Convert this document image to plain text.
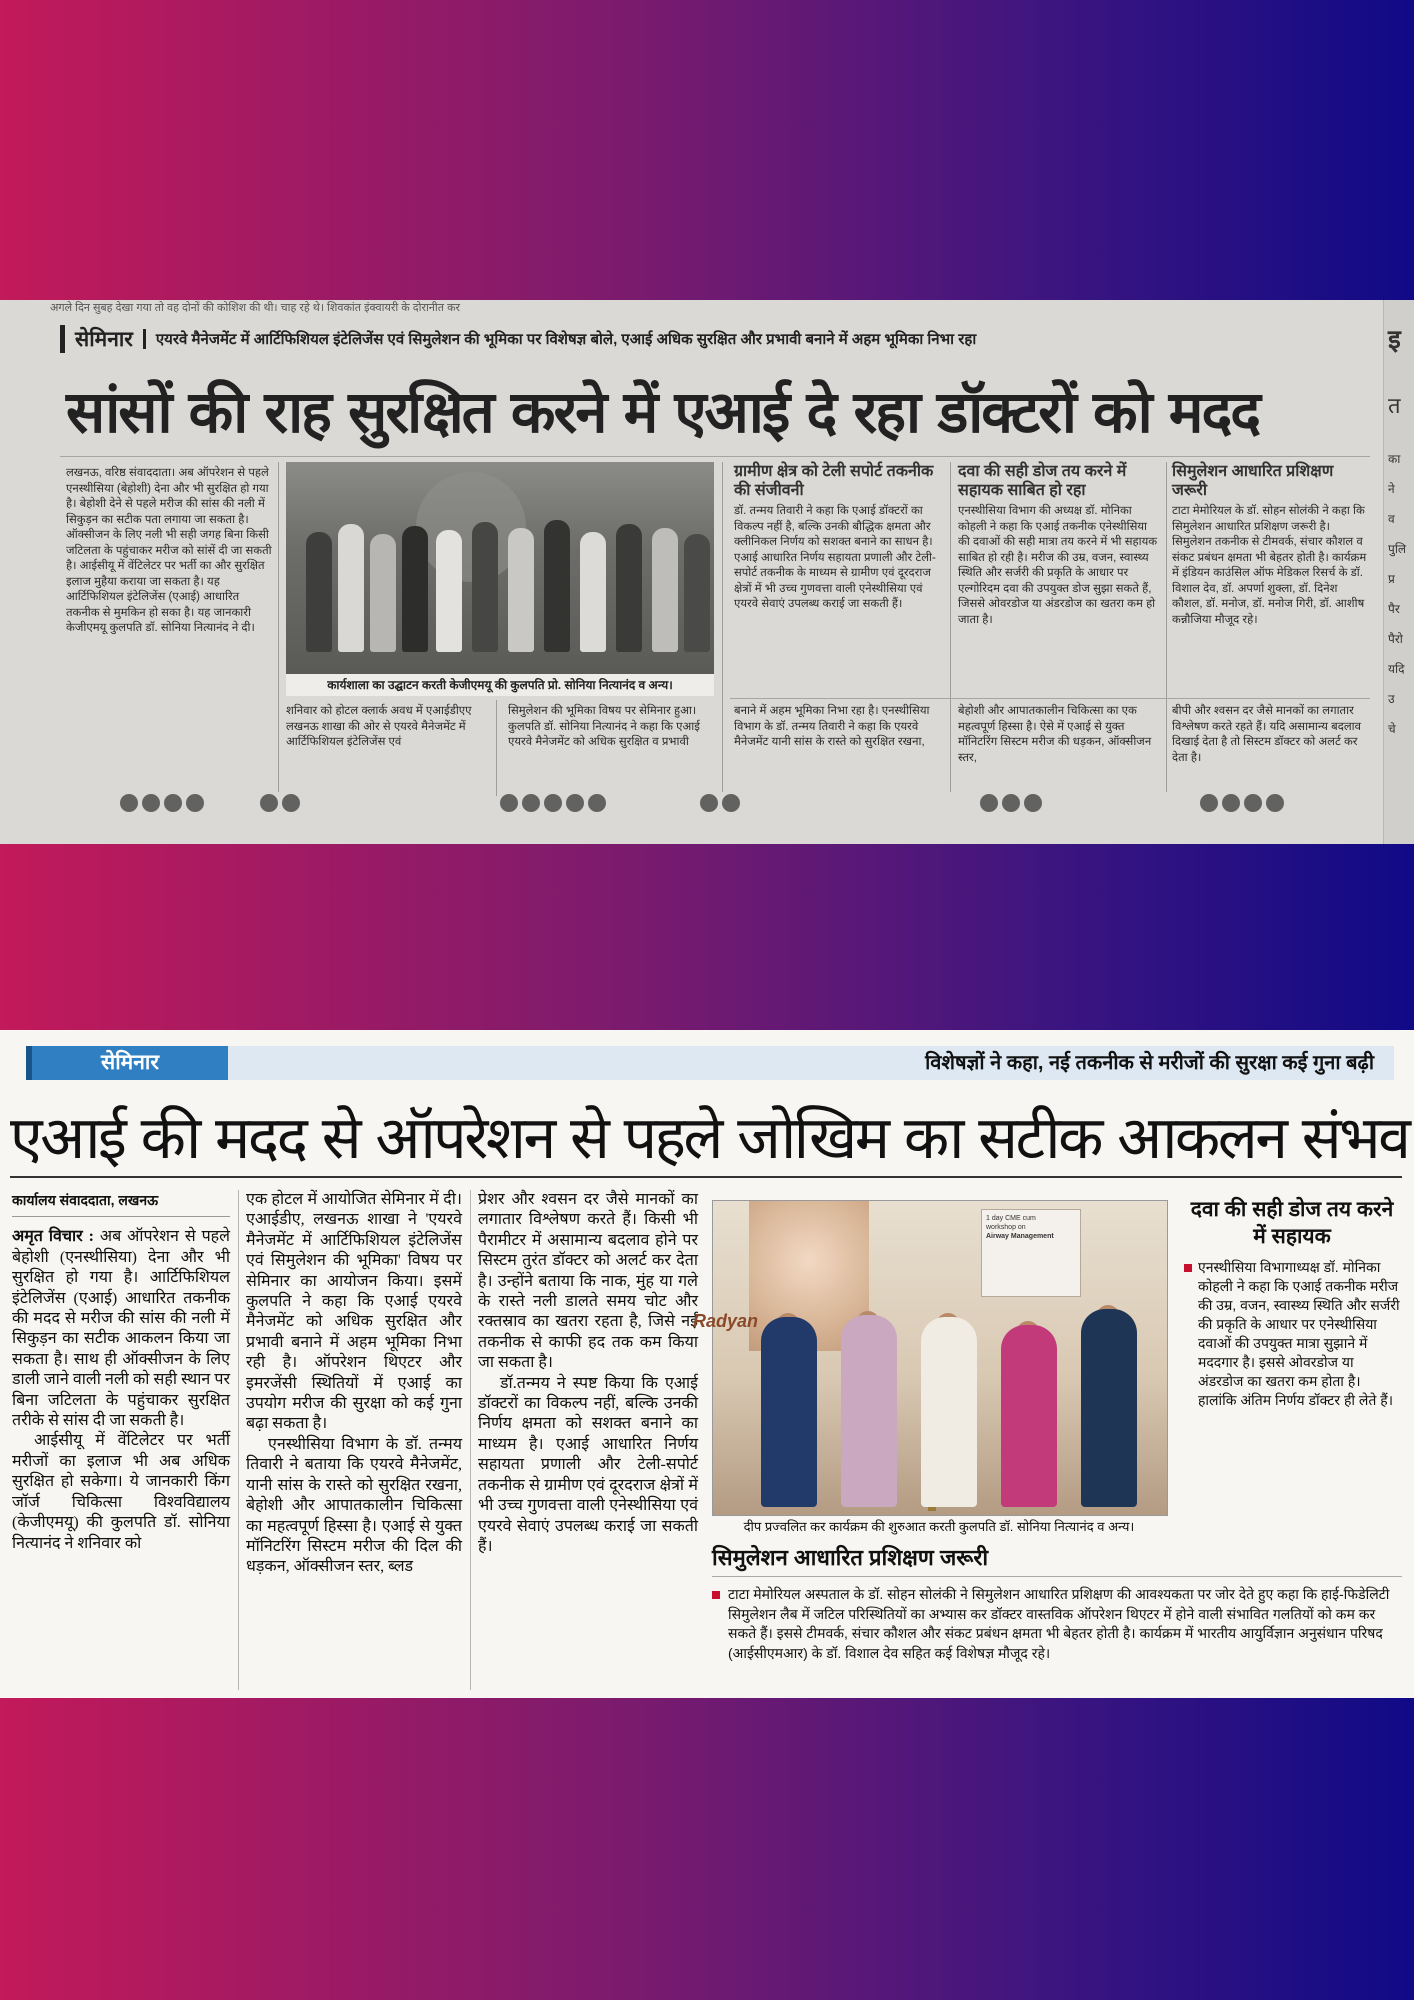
अगले दिन सुबह देखा गया तो वह दोनों की कोशिश की थी। चाह रहे थे। शिवकांत इंक्वायरी के दोरानीत कर
सेमिनार	एयरवे मैनेजमेंट में आर्टिफिशियल इंटेलिजेंस एवं सिमुलेशन की भूमिका पर विशेषज्ञ बोले, एआई अधिक सुरक्षित और प्रभावी बनाने में अहम भूमिका निभा रहा
सांसों की राह सुरक्षित करने में एआई दे रहा डॉक्टरों को मदद

लखनऊ, वरिष्ठ संवाददाता। अब ऑपरेशन से पहले एनस्थीसिया (बेहोशी) देना और भी सुरक्षित हो गया है। बेहोशी देने से पहले मरीज की सांस की नली में सिकुड़न का सटीक पता लगाया जा सकता है। ऑक्सीजन के लिए नली भी सही जगह बिना किसी जटिलता के पहुंचाकर मरीज को सांसें दी जा सकती है। आईसीयू में वेंटिलेटर पर भर्ती का और सुरक्षित इलाज मुहैया कराया जा सकता है। यह आर्टिफिशियल इंटेलिजेंस (एआई) आधारित तकनीक से मुमकिन हो सका है। यह जानकारी केजीएमयू कुलपति डॉ. सोनिया नित्यानंद ने दी।

कार्यशाला का उद्घाटन करती केजीएमयू की कुलपति प्रो. सोनिया नित्यानंद व अन्य।

शनिवार को होटल क्लार्क अवध में एआईडीएए लखनऊ शाखा की ओर से एयरवे मैनेजमेंट में आर्टिफिशियल इंटेलिजेंस एवं

सिमुलेशन की भूमिका विषय पर सेमिनार हुआ। कुलपति डॉ. सोनिया नित्यानंद ने कहा कि एआई एयरवे मैनेजमेंट को अधिक सुरक्षित व प्रभावी

ग्रामीण क्षेत्र को टेली सपोर्ट तकनीक की संजीवनी

डॉ. तन्मय तिवारी ने कहा कि एआई डॉक्टरों का विकल्प नहीं है, बल्कि उनकी बौद्धिक क्षमता और क्लीनिकल निर्णय को सशक्त बनाने का साधन है। एआई आधारित निर्णय सहायता प्रणाली और टेली-सपोर्ट तकनीक के माध्यम से ग्रामीण एवं दूरदराज क्षेत्रों में भी उच्च गुणवत्ता वाली एनेस्थीसिया एवं एयरवे सेवाएं उपलब्ध कराई जा सकती हैं।

बनाने में अहम भूमिका निभा रहा है। एनस्थीसिया विभाग के डॉ. तन्मय तिवारी ने कहा कि एयरवे मैनेजमेंट यानी सांस के रास्ते को सुरक्षित रखना,

दवा की सही डोज तय करने में सहायक साबित हो रहा

एनस्थीसिया विभाग की अध्यक्ष डॉ. मोनिका कोहली ने कहा कि एआई तकनीक एनेस्थीसिया की दवाओं की सही मात्रा तय करने में भी सहायक साबित हो रही है। मरीज की उम्र, वजन, स्वास्थ्य स्थिति और सर्जरी की प्रकृति के आधार पर एल्गोरिदम दवा की उपयुक्त डोज सुझा सकते हैं, जिससे ओवरडोज या अंडरडोज का खतरा कम हो जाता है।

बेहोशी और आपातकालीन चिकित्सा का एक महत्वपूर्ण हिस्सा है। ऐसे में एआई से युक्त मॉनिटरिंग सिस्टम मरीज की धड़कन, ऑक्सीजन स्तर,

सिमुलेशन आधारित प्रशिक्षण जरूरी

टाटा मेमोरियल के डॉ. सोहन सोलंकी ने कहा कि सिमुलेशन आधारित प्रशिक्षण जरूरी है। सिमुलेशन तकनीक से टीमवर्क, संचार कौशल व संकट प्रबंधन क्षमता भी बेहतर होती है। कार्यक्रम में इंडियन काउंसिल ऑफ मेडिकल रिसर्च के डॉ. विशाल देव, डॉ. अपर्णा शुक्ला, डॉ. दिनेश कौशल, डॉ. मनोज, डॉ. मनोज गिरी, डॉ. आशीष कन्नौजिया मौजूद रहे।

बीपी और श्वसन दर जैसे मानकों का लगातार विश्लेषण करते रहते हैं। यदि असामान्य बदलाव दिखाई देता है तो सिस्टम डॉक्टर को अलर्ट कर देता है।

इ
त
का
ने
व
पुलि
प्र
पैर
पैरो
यदि
उ
चे
सेमिनार	विशेषज्ञों ने कहा, नई तकनीक से मरीजों की सुरक्षा कई गुना बढ़ी
एआई की मदद से ऑपरेशन से पहले जोखिम का सटीक आकलन संभव

कार्यालय संवाददाता, लखनऊ

अमृत विचार : अब ऑपरेशन से पहले बेहोशी (एनस्थीसिया) देना और भी सुरक्षित हो गया है। आर्टिफिशियल इंटेलिजेंस (एआई) आधारित तकनीक की मदद से मरीज की सांस की नली में सिकुड़न का सटीक आकलन किया जा सकता है। साथ ही ऑक्सीजन के लिए डाली जाने वाली नली को सही स्थान पर बिना जटिलता के पहुंचाकर सुरक्षित तरीके से सांस दी जा सकती है।

आईसीयू में वेंटिलेटर पर भर्ती मरीजों का इलाज भी अब अधिक सुरक्षित हो सकेगा। ये जानकारी किंग जॉर्ज चिकित्सा विश्वविद्यालय (केजीएमयू) की कुलपति डॉ. सोनिया नित्यानंद ने शनिवार को

एक होटल में आयोजित सेमिनार में दी। एआईडीए, लखनऊ शाखा ने 'एयरवे मैनेजमेंट में आर्टिफिशियल इंटेलिजेंस एवं सिमुलेशन की भूमिका' विषय पर सेमिनार का आयोजन किया। इसमें कुलपति ने कहा कि एआई एयरवे मैनेजमेंट को अधिक सुरक्षित और प्रभावी बनाने में अहम भूमिका निभा रही है। ऑपरेशन थिएटर और इमरजेंसी स्थितियों में एआई का उपयोग मरीज की सुरक्षा को कई गुना बढ़ा सकता है।

एनस्थीसिया विभाग के डॉ. तन्मय तिवारी ने बताया कि एयरवे मैनेजमेंट, यानी सांस के रास्ते को सुरक्षित रखना, बेहोशी और आपातकालीन चिकित्सा का महत्वपूर्ण हिस्सा है। एआई से युक्त मॉनिटरिंग सिस्टम मरीज की दिल की धड़कन, ऑक्सीजन स्तर, ब्लड

प्रेशर और श्वसन दर जैसे मानकों का लगातार विश्लेषण करते हैं। किसी भी पैरामीटर में असामान्य बदलाव होने पर सिस्टम तुरंत डॉक्टर को अलर्ट कर देता है। उन्होंने बताया कि नाक, मुंह या गले के रास्ते नली डालते समय चोट और रक्तस्राव का खतरा रहता है, जिसे नई तकनीक से काफी हद तक कम किया जा सकता है।

डॉ.तन्मय ने स्पष्ट किया कि एआई डॉक्टरों का विकल्प नहीं, बल्कि उनकी निर्णय क्षमता को सशक्त बनाने का माध्यम है। एआई आधारित निर्णय सहायता प्रणाली और टेली-सपोर्ट तकनीक से ग्रामीण एवं दूरदराज क्षेत्रों में भी उच्च गुणवत्ता वाली एनेस्थीसिया एवं एयरवे सेवाएं उपलब्ध कराई जा सकती हैं।

Radyan
1 day CME cum
workshop on
Airway Management
दीप प्रज्वलित कर कार्यक्रम की शुरुआत करती कुलपति डॉ. सोनिया नित्यानंद व अन्य।
दवा की सही डोज तय करने में सहायक
एनस्थीसिया विभागाध्यक्ष डॉ. मोनिका कोहली ने कहा कि एआई तकनीक मरीज की उम्र, वजन, स्वास्थ्य स्थिति और सर्जरी की प्रकृति के आधार पर एनेस्थीसिया दवाओं की उपयुक्त मात्रा सुझाने में मददगार है। इससे ओवरडोज या अंडरडोज का खतरा कम होता है। हालांकि अंतिम निर्णय डॉक्टर ही लेते हैं।
सिमुलेशन आधारित प्रशिक्षण जरूरी
टाटा मेमोरियल अस्पताल के डॉ. सोहन सोलंकी ने सिमुलेशन आधारित प्रशिक्षण की आवश्यकता पर जोर देते हुए कहा कि हाई-फिडेलिटी सिमुलेशन लैब में जटिल परिस्थितियों का अभ्यास कर डॉक्टर वास्तविक ऑपरेशन थिएटर में होने वाली संभावित गलतियों को कम कर सकते हैं। इससे टीमवर्क, संचार कौशल और संकट प्रबंधन क्षमता भी बेहतर होती है। कार्यक्रम में भारतीय आयुर्विज्ञान अनुसंधान परिषद (आईसीएमआर) के डॉ. विशाल देव सहित कई विशेषज्ञ मौजूद रहे।
